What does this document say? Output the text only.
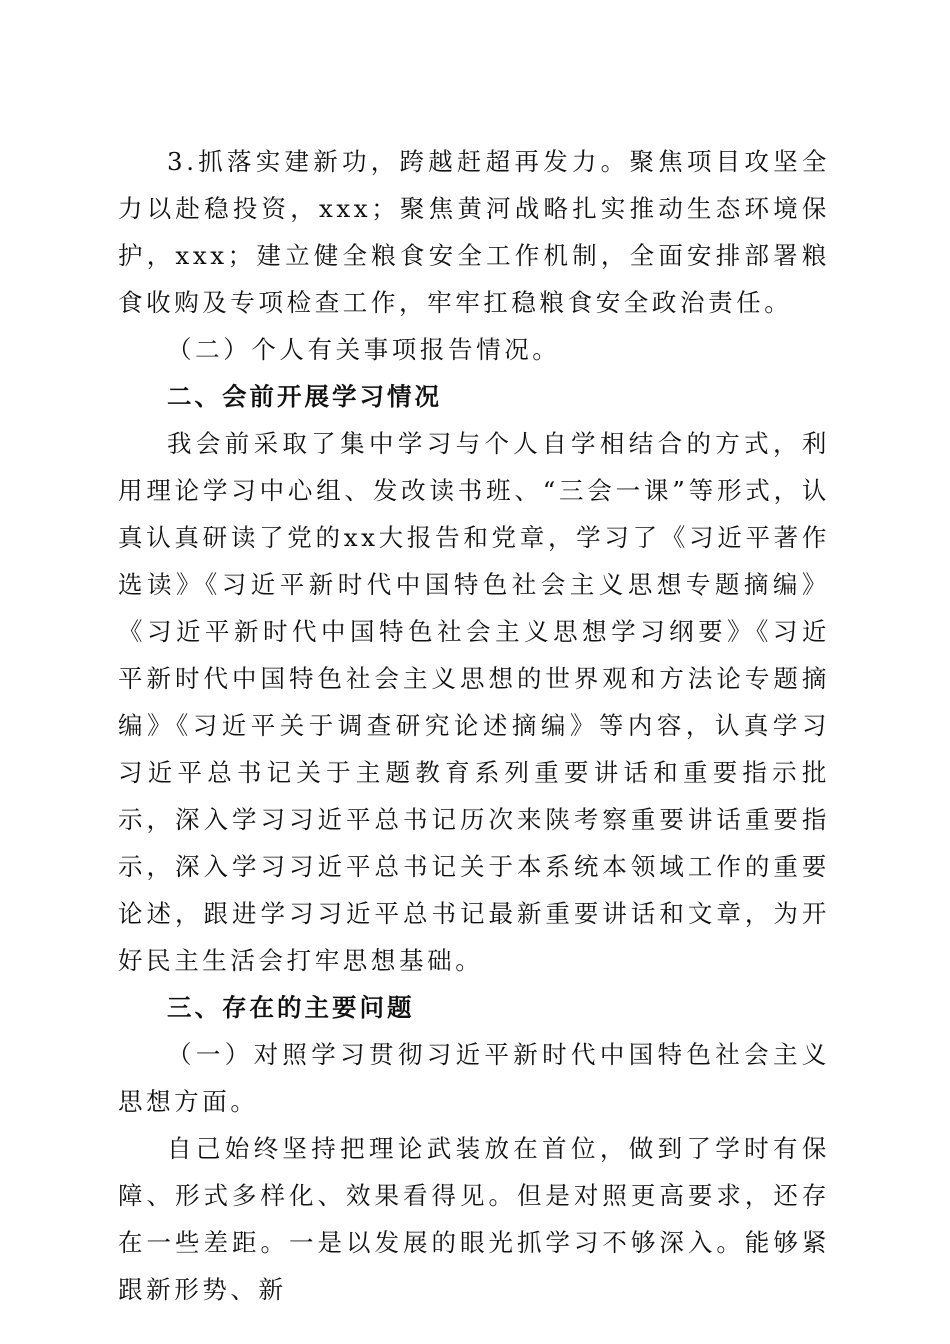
3.抓落实建新功，跨越赶超再发力。聚焦项目攻坚全力以赴稳投资，xxx；聚焦黄河战略扎实推动生态环境保护，xxx；建立健全粮食安全工作机制，全面安排部署粮食收购及专项检查工作，牢牢扛稳粮食安全政治责任。

（二）个人有关事项报告情况。

二、会前开展学习情况

我会前采取了集中学习与个人自学相结合的方式，利用理论学习中心组、发改读书班、“三会一课”等形式，认真认真研读了党的xx大报告和党章，学习了《习近平著作选读》《习近平新时代中国特色社会主义思想专题摘编》《习近平新时代中国特色社会主义思想学习纲要》《习近平新时代中国特色社会主义思想的世界观和方法论专题摘编》《习近平关于调查研究论述摘编》等内容，认真学习习近平总书记关于主题教育系列重要讲话和重要指示批示，深入学习习近平总书记历次来陕考察重要讲话重要指示，深入学习习近平总书记关于本系统本领域工作的重要论述，跟进学习习近平总书记最新重要讲话和文章，为开好民主生活会打牢思想基础。

三、存在的主要问题

（一）对照学习贯彻习近平新时代中国特色社会主义思想方面。

自己始终坚持把理论武装放在首位，做到了学时有保障、形式多样化、效果看得见。但是对照更高要求，还存在一些差距。一是以发展的眼光抓学习不够深入。能够紧跟新形势、新
